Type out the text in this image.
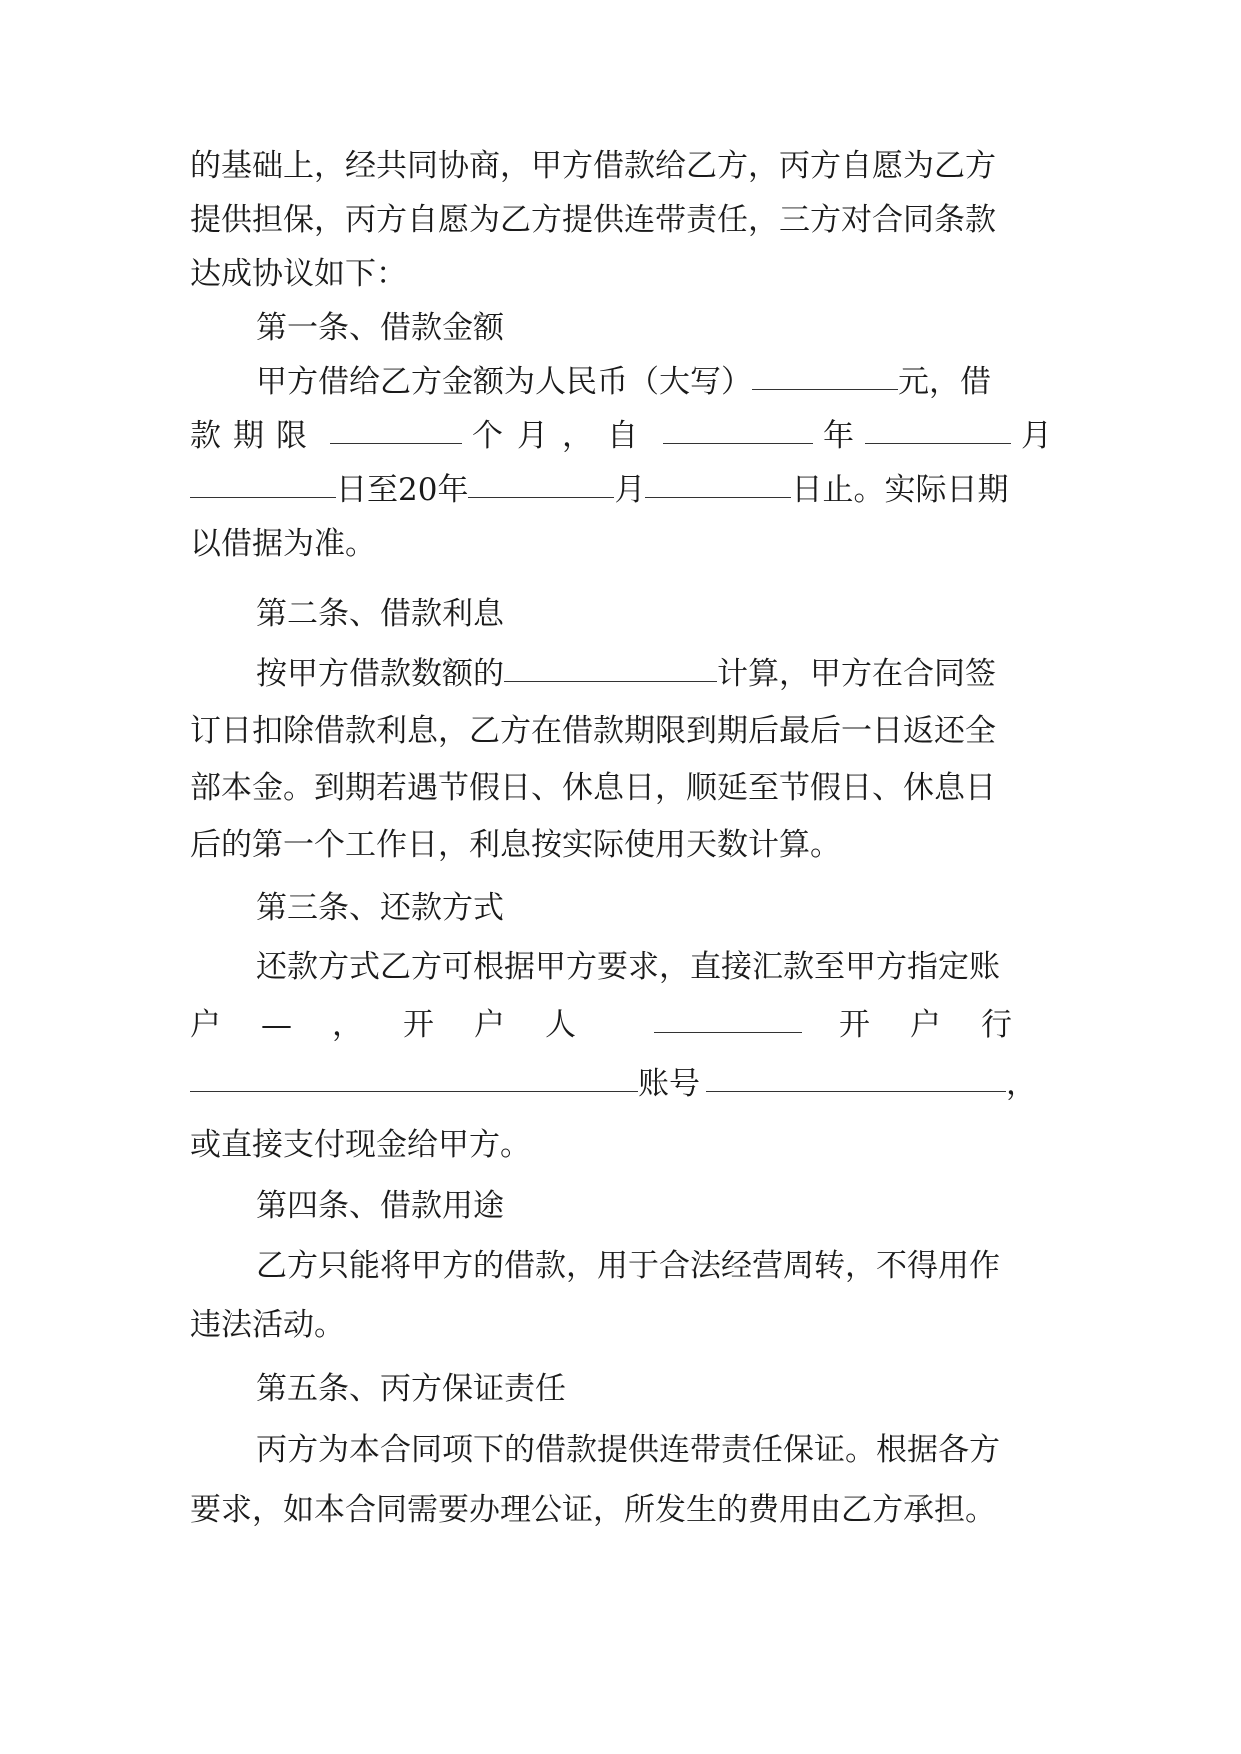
的基础上，经共同协商，甲方借款给乙方，丙方自愿为乙方
提供担保，丙方自愿为乙方提供连带责任，三方对合同条款
达成协议如下：
第一条、借款金额
甲方借给乙方金额为人民币（大写）	元，借
款期限	个月，自	年	月
日至20年	月	日止。实际日期
以借据为准。
第二条、借款利息
按甲方借款数额的	计算，甲方在合同签
订日扣除借款利息，乙方在借款期限到期后最后一日返还全
部本金。到期若遇节假日、休息日，顺延至节假日、休息日
后的第一个工作日，利息按实际使用天数计算。
第三条、还款方式
还款方式乙方可根据甲方要求，直接汇款至甲方指定账
户—，开户人	开户行
账号	，
或直接支付现金给甲方。
第四条、借款用途
乙方只能将甲方的借款，用于合法经营周转，不得用作
违法活动。
第五条、丙方保证责任
丙方为本合同项下的借款提供连带责任保证。根据各方
要求，如本合同需要办理公证，所发生的费用由乙方承担。
